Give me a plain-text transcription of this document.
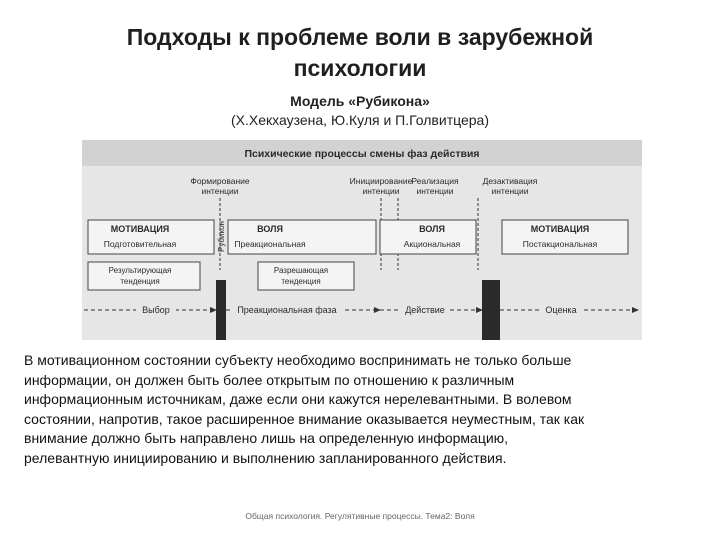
Подходы к проблеме воли в зарубежной
психологии
Модель «Рубикона»
(Х.Хекхаузена, Ю.Куля и П.Голвитцера)
Психические процессы смены фаз действия
Формирование
интенции
Инициирование
интенции
Реализация
интенции
Дезактивация
интенции
Рубикон
МОТИВАЦИЯ
Подготовительная
ВОЛЯ
Преакциональная
ВОЛЯ
Акциональная
МОТИВАЦИЯ
Постакциональная
Результирующая
тенденция
Разрешающая
тенденция
Выбор	Преакциональная фаза	Действие	Оценка
В мотивационном состоянии субъекту необходимо воспринимать не только больше
информации, он должен быть более открытым по отношению к различным
информационным источникам, даже если они кажутся нерелевантными. В волевом
состоянии, напротив, такое расширенное внимание оказывается неуместным, так как
внимание должно быть направлено лишь на определенную информацию,
релевантную инициированию и выполнению запланированного действия.
Общая психология. Регулятивные процессы. Тема2: Воля
